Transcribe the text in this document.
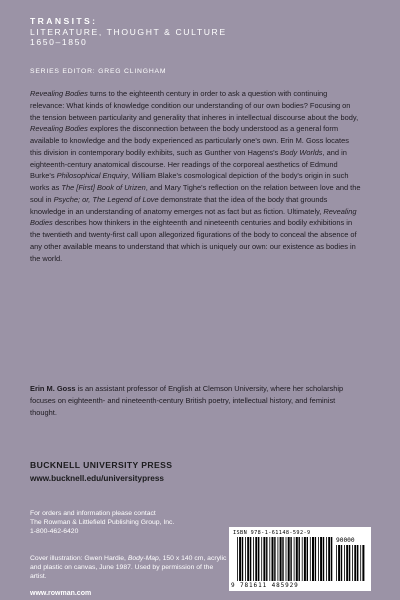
TRANSITS:
LITERATURE, THOUGHT & CULTURE
1650–1850
SERIES EDITOR: GREG CLINGHAM

Revealing Bodies turns to the eighteenth century in order to ask a question with continuing relevance: What kinds of knowledge condition our understanding of our own bodies? Focusing on the tension between particularity and generality that inheres in intellectual discourse about the body, Revealing Bodies explores the disconnection between the body understood as a general form available to knowledge and the body experienced as particularly one's own. Erin M. Goss locates this division in contemporary bodily exhibits, such as Gunther von Hagens's Body Worlds, and in eighteenth-century anatomical discourse. Her readings of the corporeal aesthetics of Edmund Burke's Philosophical Enquiry, William Blake's cosmological depiction of the body's origin in such works as The [First] Book of Urizen, and Mary Tighe's reflection on the relation between love and the soul in Psyche; or, The Legend of Love demonstrate that the idea of the body that grounds knowledge in an understanding of anatomy emerges not as fact but as fiction. Ultimately, Revealing Bodies describes how thinkers in the eighteenth and nineteenth centuries and bodily exhibitions in the twentieth and twenty-first call upon allegorized figurations of the body to conceal the absence of any other available means to understand that which is uniquely our own: our existence as bodies in the world.

Erin M. Goss is an assistant professor of English at Clemson University, where her scholarship focuses on eighteenth- and nineteenth-century British poetry, intellectual history, and feminist thought.

BUCKNELL UNIVERSITY PRESS
www.bucknell.edu/universitypress
For orders and information please contact
The Rowman & Littlefield Publishing Group, Inc.
1-800-462-6420
Cover illustration: Gwen Hardie, Body-Map, 150 x 140 cm, acrylic and plastic on canvas, June 1987. Used by permission of the artist.
www.rowman.com
ISBN 978-1-61148-592-9
90000
9 781611 485929
